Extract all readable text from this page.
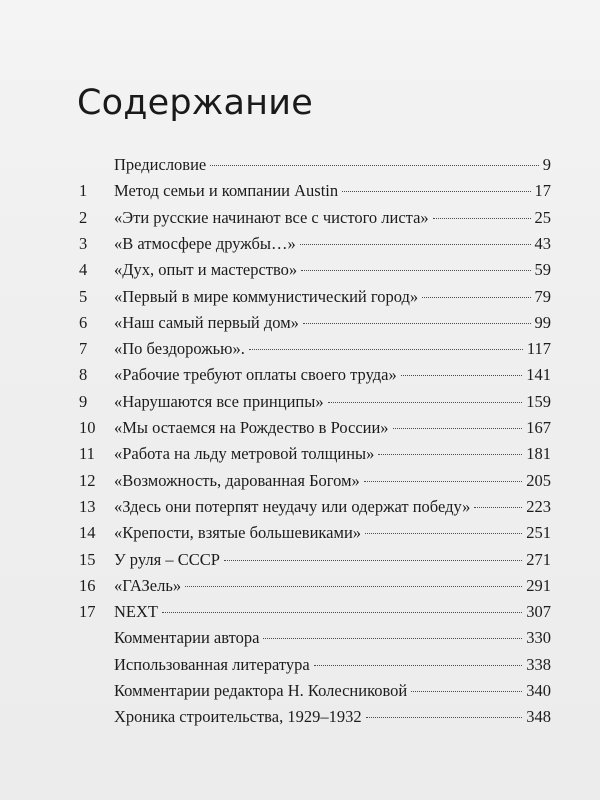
Содержание
Предисловие	9
1	Метод семьи и компании Austin	17
2	«Эти русские начинают все с чистого листа»	25
3	«В атмосфере дружбы…»	43
4	«Дух, опыт и мастерство»	59
5	«Первый в мире коммунистический город»	79
6	«Наш самый первый дом»	99
7	«По бездорожью».	117
8	«Рабочие требуют оплаты своего труда»	141
9	«Нарушаются все принципы»	159
10	«Мы остаемся на Рождество в России»	167
11	«Работа на льду метровой толщины»	181
12	«Возможность, дарованная Богом»	205
13	«Здесь они потерпят неудачу или одержат победу»	223
14	«Крепости, взятые большевиками»	251
15	У руля – СССР	271
16	«ГАЗель»	291
17	NEXT	307
Комментарии автора	330
Использованная литература	338
Комментарии редактора Н. Колесниковой	340
Хроника строительства, 1929–1932	348
